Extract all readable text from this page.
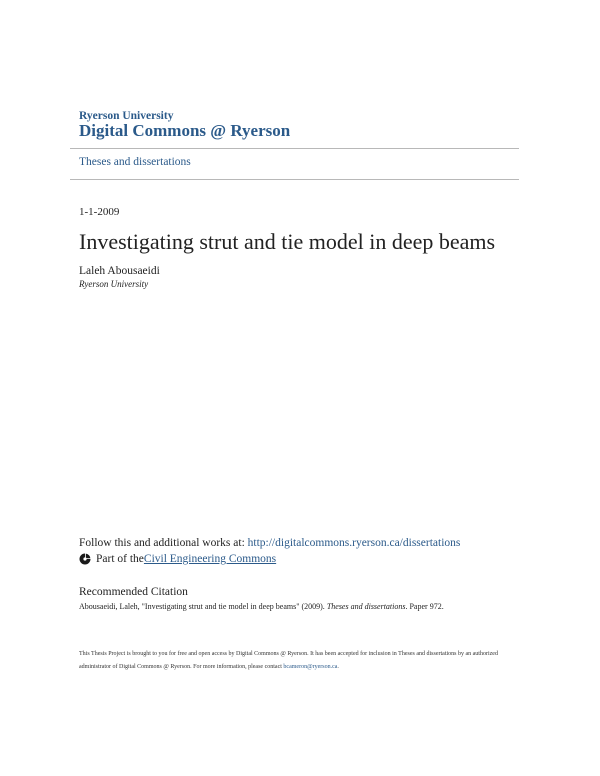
Ryerson University
Digital Commons @ Ryerson
Theses and dissertations
1-1-2009
Investigating strut and tie model in deep beams
Laleh Abousaeidi
Ryerson University
Follow this and additional works at: http://digitalcommons.ryerson.ca/dissertations
Part of the Civil Engineering Commons
Recommended Citation
Abousaeidi, Laleh, "Investigating strut and tie model in deep beams" (2009). Theses and dissertations. Paper 972.
This Thesis Project is brought to you for free and open access by Digital Commons @ Ryerson. It has been accepted for inclusion in Theses and dissertations by an authorized administrator of Digital Commons @ Ryerson. For more information, please contact bcameron@ryerson.ca.
